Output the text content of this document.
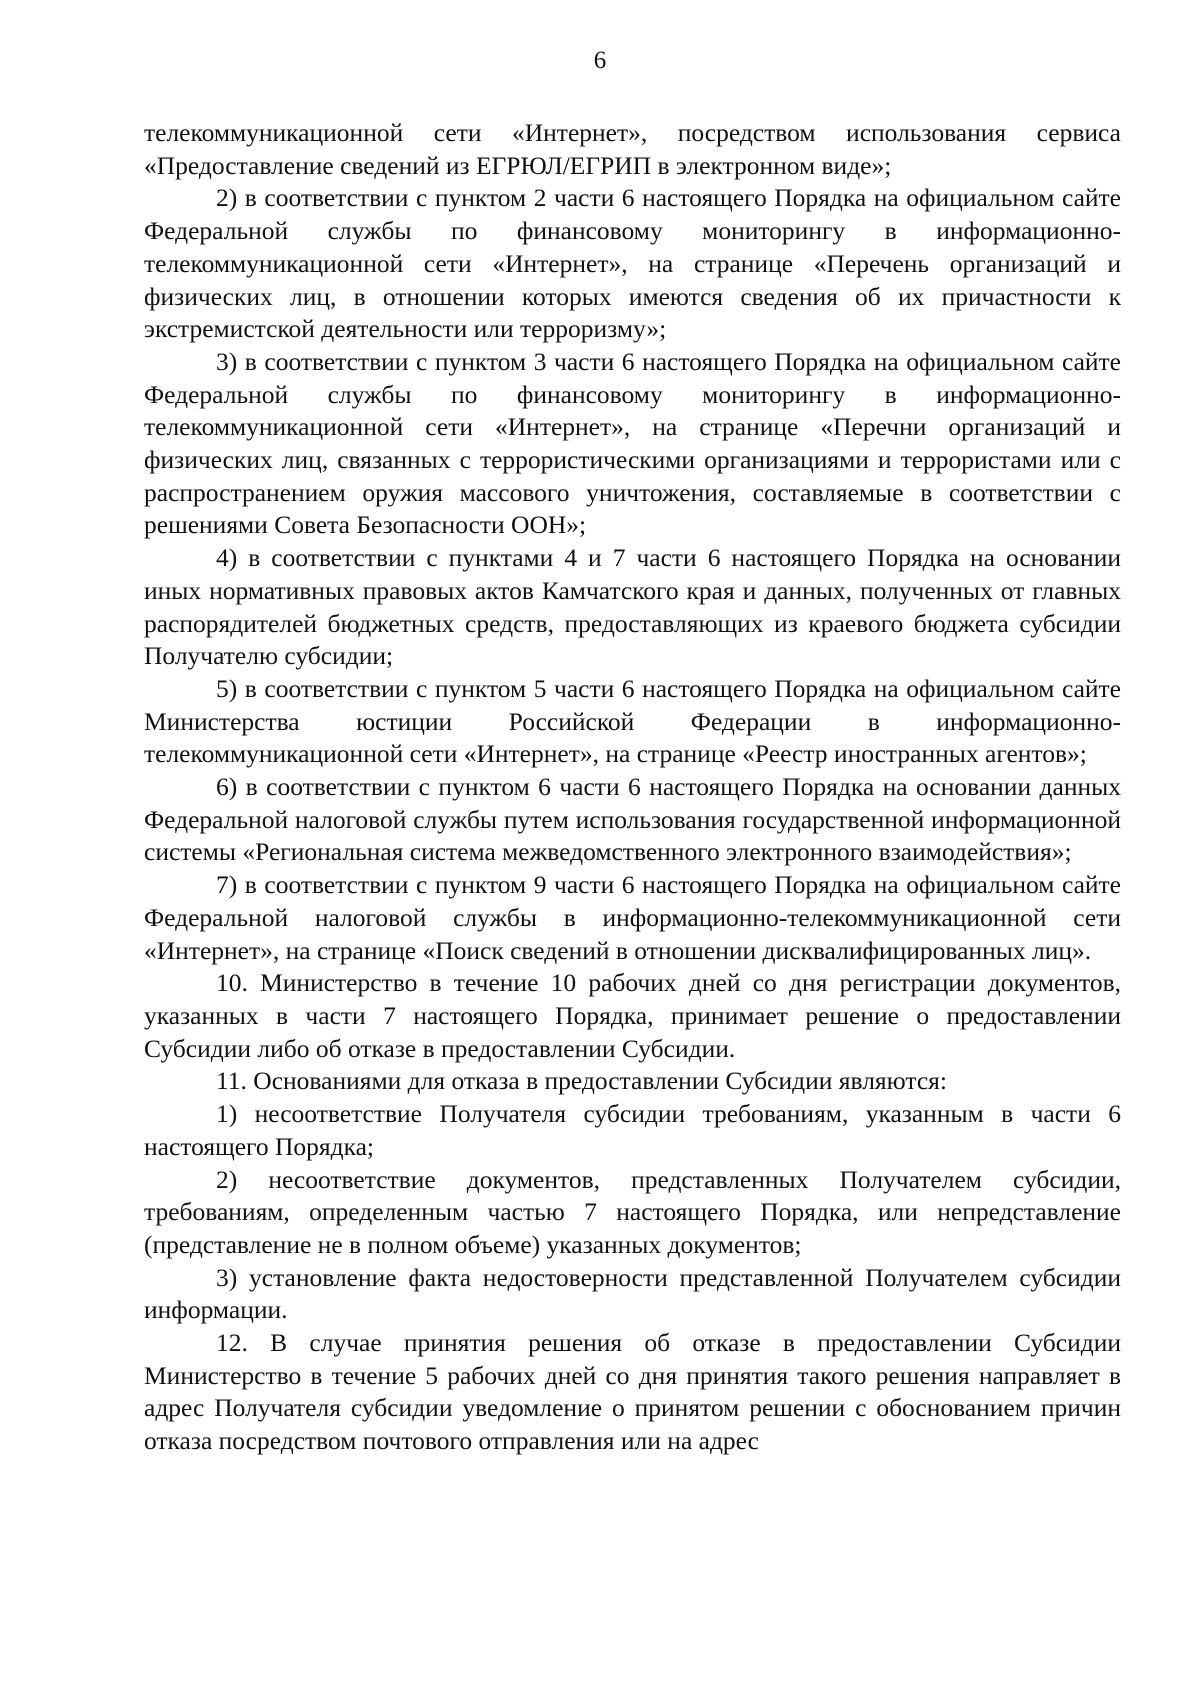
6

телекоммуникационной сети «Интернет», посредством использования сервиса «Предоставление сведений из ЕГРЮЛ/ЕГРИП в электронном виде»;

2) в соответствии с пунктом 2 части 6 настоящего Порядка на официальном сайте Федеральной службы по финансовому мониторингу в информационно-телекоммуникационной сети «Интернет», на странице «Перечень организаций и физических лиц, в отношении которых имеются сведения об их причастности к экстремистской деятельности или терроризму»;

3) в соответствии с пунктом 3 части 6 настоящего Порядка на официальном сайте Федеральной службы по финансовому мониторингу в информационно-телекоммуникационной сети «Интернет», на странице «Перечни организаций и физических лиц, связанных с террористическими организациями и террористами или с распространением оружия массового уничтожения, составляемые в соответствии с решениями Совета Безопасности ООН»;

4) в соответствии с пунктами 4 и 7 части 6 настоящего Порядка на основании иных нормативных правовых актов Камчатского края и данных, полученных от главных распорядителей бюджетных средств, предоставляющих из краевого бюджета субсидии Получателю субсидии;

5) в соответствии с пунктом 5 части 6 настоящего Порядка на официальном сайте Министерства юстиции Российской Федерации в информационно-телекоммуникационной сети «Интернет», на странице «Реестр иностранных агентов»;

6) в соответствии с пунктом 6 части 6 настоящего Порядка на основании данных Федеральной налоговой службы путем использования государственной информационной системы «Региональная система межведомственного электронного взаимодействия»;

7) в соответствии с пунктом 9 части 6 настоящего Порядка на официальном сайте Федеральной налоговой службы в информационно-телекоммуникационной сети «Интернет», на странице «Поиск сведений в отношении дисквалифицированных лиц».

10. Министерство в течение 10 рабочих дней со дня регистрации документов, указанных в части 7 настоящего Порядка, принимает решение о предоставлении Субсидии либо об отказе в предоставлении Субсидии.

11. Основаниями для отказа в предоставлении Субсидии являются:

1) несоответствие Получателя субсидии требованиям, указанным в части 6 настоящего Порядка;

2) несоответствие документов, представленных Получателем субсидии, требованиям, определенным частью 7 настоящего Порядка, или непредставление (представление не в полном объеме) указанных документов;

3) установление факта недостоверности представленной Получателем субсидии информации.

12. В случае принятия решения об отказе в предоставлении Субсидии Министерство в течение 5 рабочих дней со дня принятия такого решения направляет в адрес Получателя субсидии уведомление о принятом решении с обоснованием причин отказа посредством почтового отправления или на адрес
